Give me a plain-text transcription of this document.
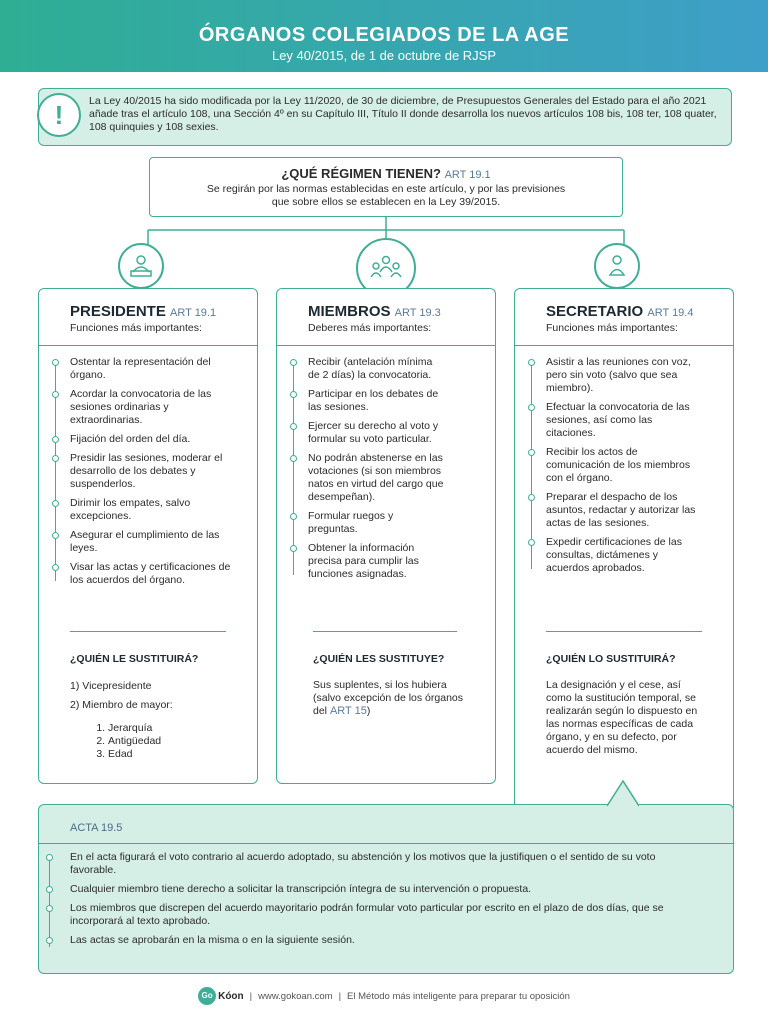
ÓRGANOS COLEGIADOS DE LA AGE
Ley 40/2015, de 1 de octubre de RJSP
!	La Ley 40/2015 ha sido modificada por la Ley 11/2020, de 30 de diciembre, de Presupuestos Generales del Estado para el año 2021 añade tras el artículo 108, una Sección 4º en su Capítulo III, Título II donde desarrolla los nuevos artículos 108 bis, 108 ter, 108 quater, 108 quinquies y 108 sexies.
¿QUÉ RÉGIMEN TIENEN? ART 19.1

Se regirán por las normas establecidas en este artículo, y por las previsiones

que sobre ellos se establecen en la Ley 39/2015.

PRESIDENTE ART 19.1
Funciones más importantes:
Ostentar la representación del órgano.
Acordar la convocatoria de las sesiones ordinarias y extraordinarias.
Fijación del orden del día.
Presidir las sesiones, moderar el desarrollo de los debates y suspenderlos.
Dirimir los empates, salvo excepciones.
Asegurar el cumplimiento de las leyes.
Visar las actas y certificaciones de los acuerdos del órgano.
¿QUIÉN LE SUSTITUIRÁ?

1) Vicepresidente

2) Miembro de mayor:

1. Jerarquía
2. Antigüedad
3. Edad
MIEMBROS ART 19.3
Deberes más importantes:
Recibir (antelación mínima de 2 días) la convocatoria.
Participar en los debates de las sesiones.
Ejercer su derecho al voto y formular su voto particular.
No podrán abstenerse en las votaciones (si son miembros natos en virtud del cargo que desempeñan).
Formular ruegos y preguntas.
Obtener la información precisa para cumplir las funciones asignadas.
¿QUIÉN LES SUSTITUYE?
Sus suplentes, si los hubiera (salvo excepción de los órganos del ART 15)
SECRETARIO ART 19.4
Funciones más importantes:
Asistir a las reuniones con voz, pero sin voto (salvo que sea miembro).
Efectuar la convocatoria de las sesiones, así como las citaciones.
Recibir los actos de comunicación de los miembros con el órgano.
Preparar el despacho de los asuntos, redactar y autorizar las actas de las sesiones.
Expedir certificaciones de las consultas, dictámenes y acuerdos aprobados.
¿QUIÉN LO SUSTITUIRÁ?
La designación y el cese, así como la sustitución temporal, se realizarán según lo dispuesto en las normas específicas de cada órgano, y en su defecto, por acuerdo del mismo.
ACTA 19.5
En el acta figurará el voto contrario al acuerdo adoptado, su abstención y los motivos que la justifiquen o el sentido de su voto favorable.
Cualquier miembro tiene derecho a solicitar la transcripción íntegra de su intervención o propuesta.
Los miembros que discrepen del acuerdo mayoritario podrán formular voto particular por escrito en el plazo de dos días, que se incorporará al texto aprobado.
Las actas se aprobarán en la misma o en la siguiente sesión.
Go Kóon | www.gokoan.com | El Método más inteligente para preparar tu oposición
